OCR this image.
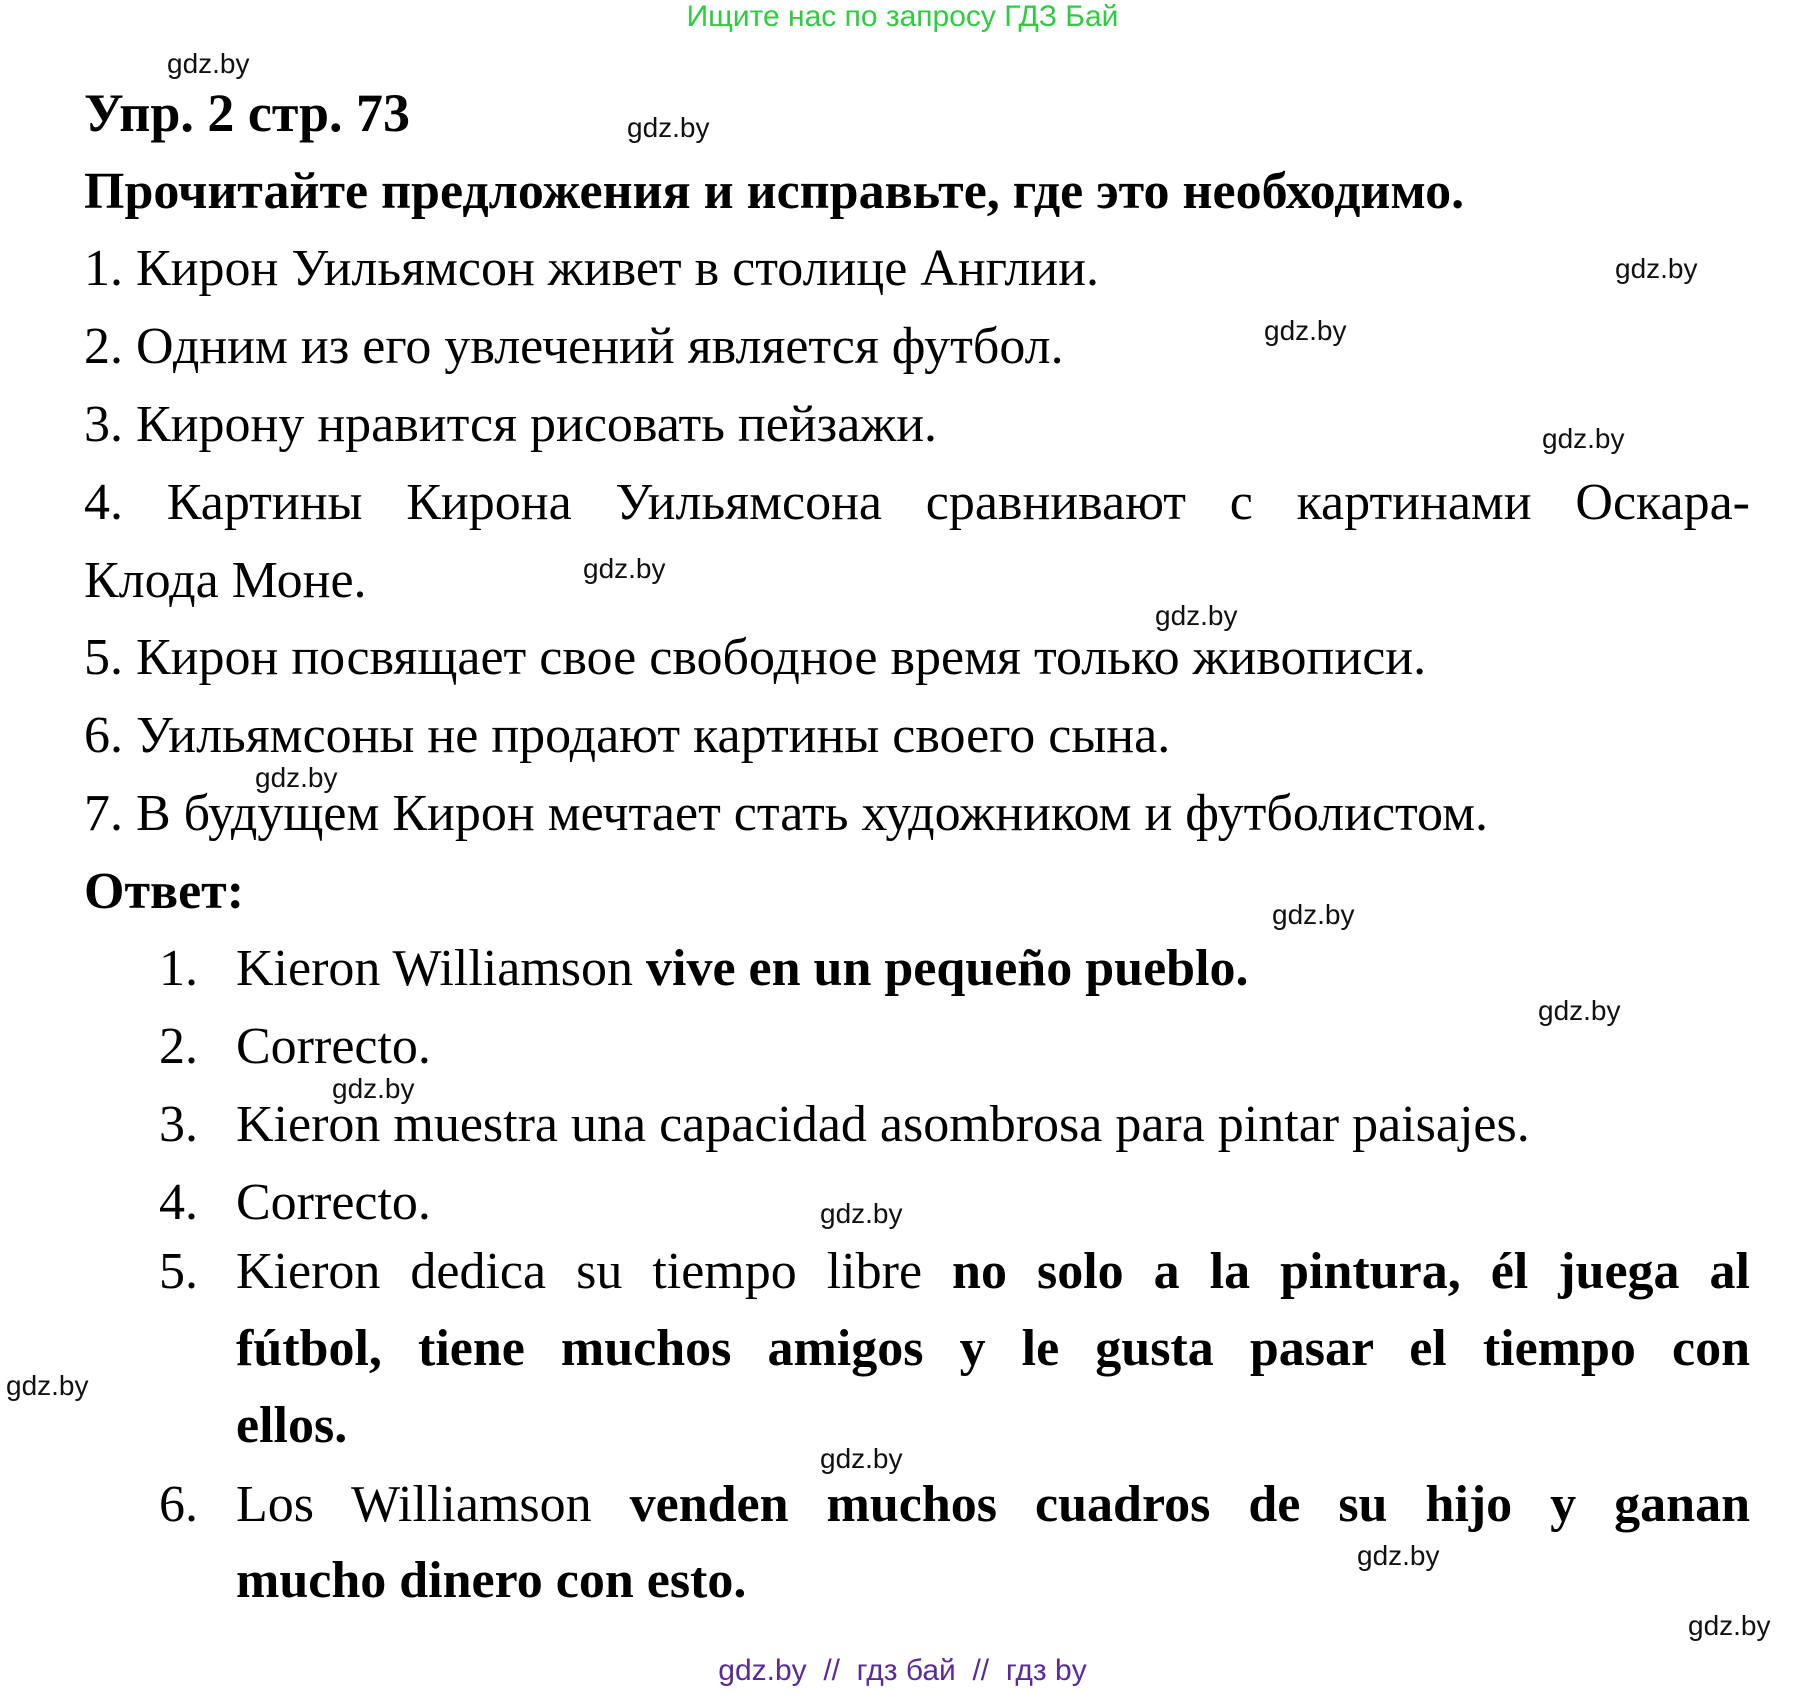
Ищите нас по запросу ГДЗ Бай
Упр. 2 стр. 73
Прочитайте предложения и исправьте, где это необходимо.
1. Кирон Уильямсон живет в столице Англии.
2. Одним из его увлечений является футбол.
3. Кирону нравится рисовать пейзажи.
4. Картины Кирона Уильямсона сравнивают с картинами Оскара-
Клода Моне.
5. Кирон посвящает свое свободное время только живописи.
6. Уильямсоны не продают картины своего сына.
7. В будущем Кирон мечтает стать художником и футболистом.
Ответ:
1. Kieron Williamson vive en un pequeño pueblo.
2. Correcto.
3. Kieron muestra una capacidad asombrosa para pintar paisajes.
4. Correcto.
5. Kieron dedica su tiempo libre no solo a la pintura, él juega al
fútbol, tiene muchos amigos y le gusta pasar el tiempo con
ellos.
6. Los Williamson venden muchos cuadros de su hijo y ganan
mucho dinero con esto.
gdz.by
gdz.by
gdz.by
gdz.by
gdz.by
gdz.by
gdz.by
gdz.by
gdz.by
gdz.by
gdz.by
gdz.by
gdz.by
gdz.by
gdz.by
gdz.by
gdz.by  //  гдз бай  //  гдз by
